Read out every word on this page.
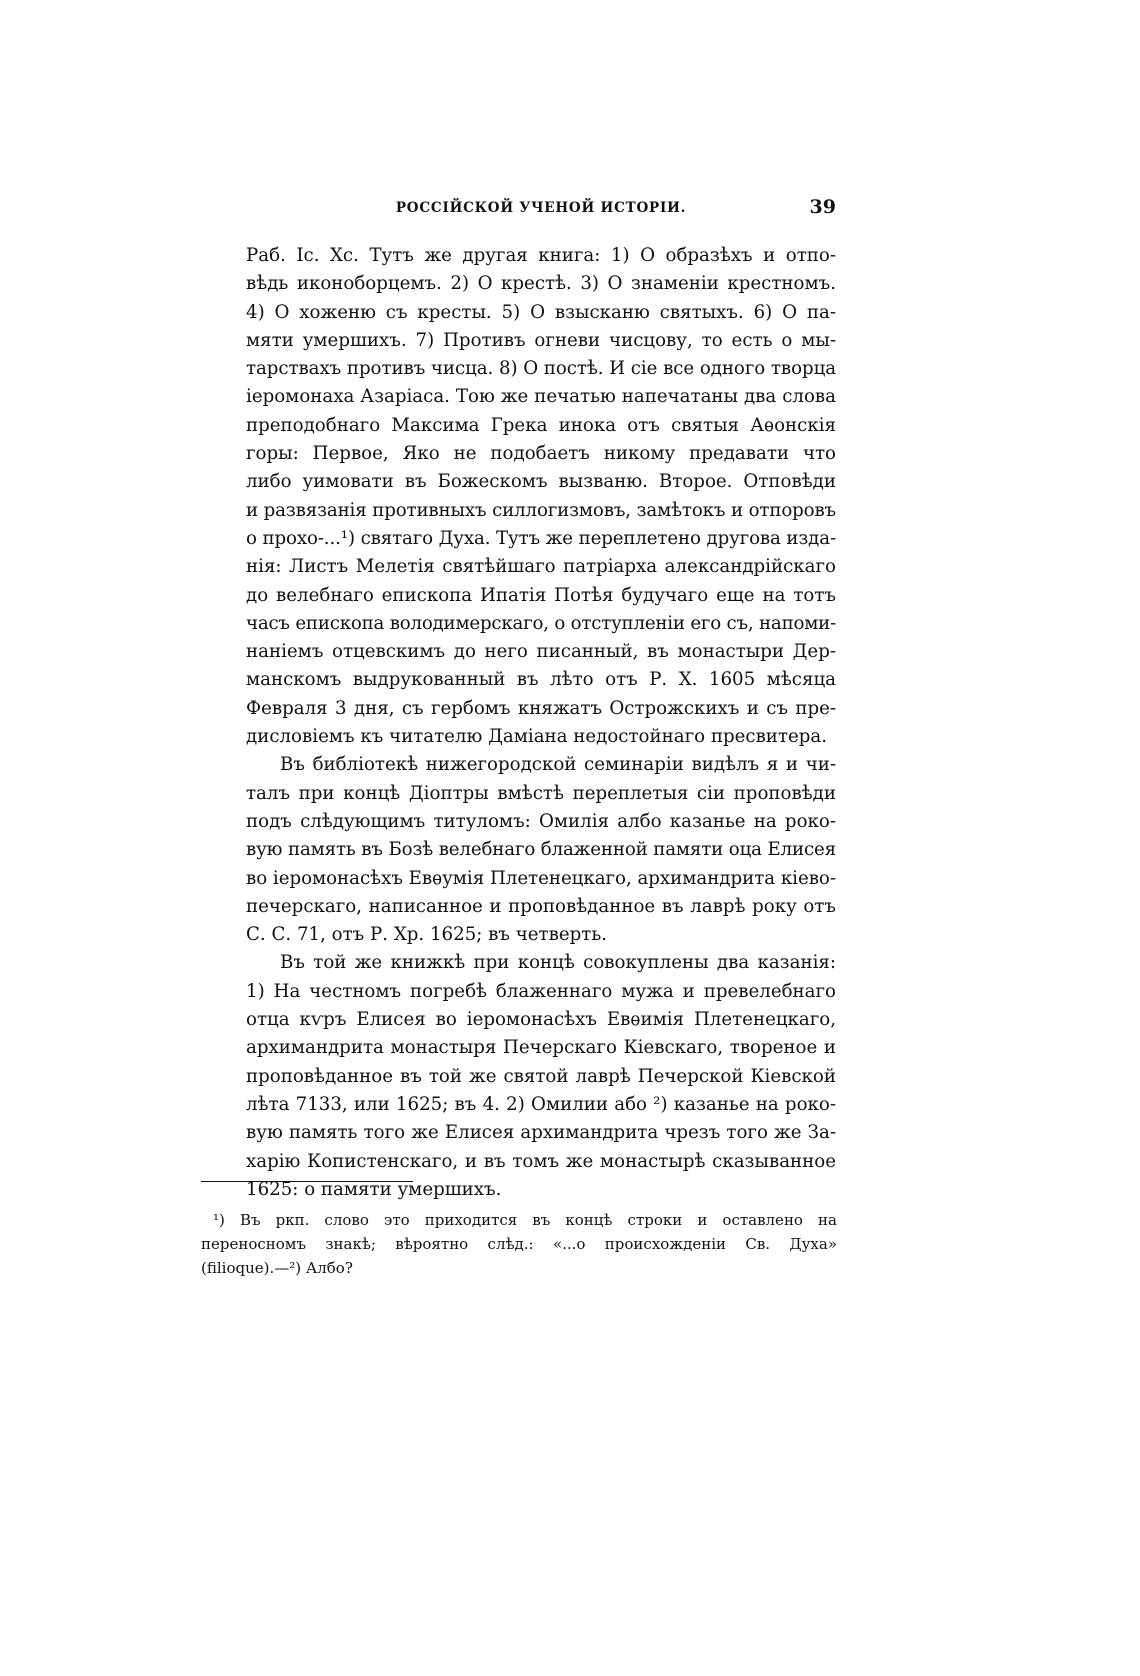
РОССІЙСКОЙ УЧЕНОЙ ИСТОРІИ.	39
Раб. Іс. Хс. Тутъ же другая книга: 1) О образѣхъ и отпо-
вѣдь иконоборцемъ. 2) О крестѣ. 3) О знаменіи крестномъ.
4) О хоженю съ кресты. 5) О взысканю святыхъ. 6) О па-
мяти умершихъ. 7) Противъ огневи чисцову, то есть о мы-
тарствахъ противъ чисца. 8) О постѣ. И сіе все одного творца
іеромонаха Азаріаса. Тою же печатью напечатаны два слова
преподобнаго Максима Грека инока отъ святыя Аѳонскія
горы: Первое, Яко не подобаетъ никому предавати что
либо уимовати въ Божескомъ вызваню. Второе. Отповѣди
и развязанія противныхъ силлогизмовъ, замѣтокъ и отпоровъ
о прохо-...¹) святаго Духа. Тутъ же переплетено другова изда-
нія: Листъ Мелетія святѣйшаго патріарха александрійскаго
до велебнаго епископа Ипатія Потѣя будучаго еще на тотъ
часъ епископа володимерскаго, о отступленіи его съ, напоми-
наніемъ отцевскимъ до него писанный, въ монастыри Дер-
манскомъ выдрукованный въ лѣто отъ Р. Х. 1605 мѣсяца
Февраля 3 дня, съ гербомъ княжатъ Острожскихъ и съ пре-
дисловіемъ къ читателю Даміана недостойнаго пресвитера.
Въ библіотекѣ нижегородской семинаріи видѣлъ я и чи-
талъ при концѣ Діоптры вмѣстѣ переплетыя сіи проповѣди
подъ слѣдующимъ титуломъ: Омилія албо казанье на роко-
вую память въ Бозѣ велебнаго блаженной памяти оца Елисея
во іеромонасѣхъ Евѳумія Плетенецкаго, архимандрита кіево-
печерскаго, написанное и проповѣданное въ лаврѣ року отъ
С. С. 71, отъ Р. Хр. 1625; въ четверть.
Въ той же книжкѣ при концѣ совокуплены два казанія:
1) На честномъ погребѣ блаженнаго мужа и превелебнаго
отца кѵръ Елисея во іеромонасѣхъ Евѳимія Плетенецкаго,
архимандрита монастыря Печерскаго Кіевскаго, твореное и
проповѣданное въ той же святой лаврѣ Печерской Кіевской
лѣта 7133, или 1625; въ 4. 2) Омилии або ²) казанье на роко-
вую память того же Елисея архимандрита чрезъ того же За-
харію Копистенскаго, и въ томъ же монастырѣ сказыванное
1625: о памяти умершихъ.
¹) Въ ркп. слово это приходится въ концѣ строки и оставлено на
переносномъ знакѣ; вѣроятно слѣд.: «...о происхожденіи Св. Духа»
(filioque).—²) Албо?
